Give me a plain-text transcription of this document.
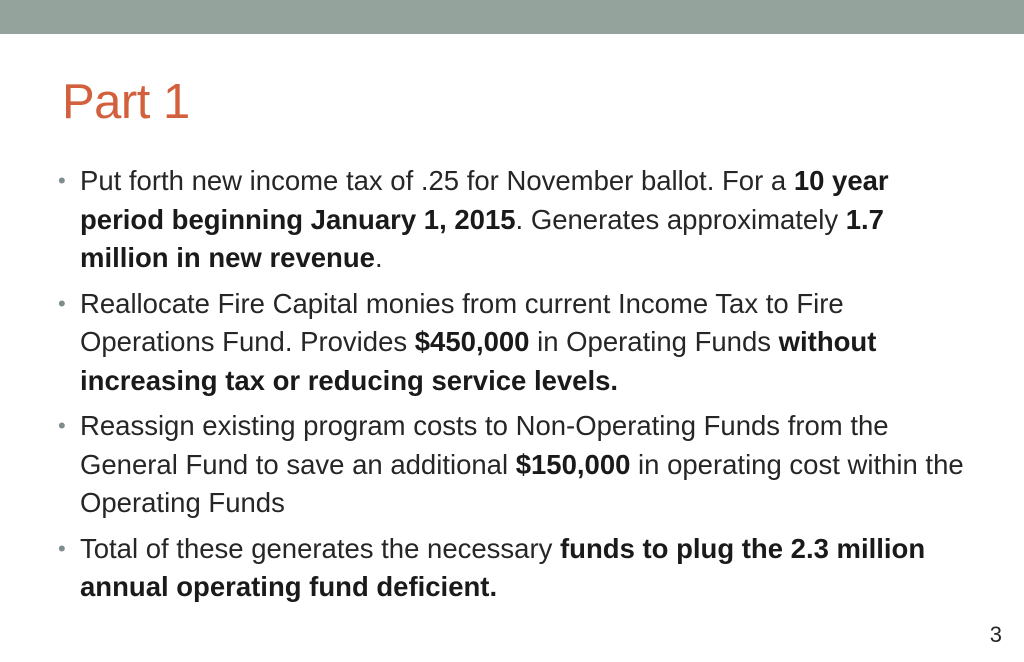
Part 1
• Put forth new income tax of .25 for November ballot. For a 10 year period beginning January 1, 2015. Generates approximately 1.7 million in new revenue.
• Reallocate Fire Capital monies from current Income Tax to Fire Operations Fund. Provides $450,000 in Operating Funds without increasing tax or reducing service levels.
• Reassign existing program costs to Non-Operating Funds from the General Fund to save an additional $150,000 in operating cost within the Operating Funds
• Total of these generates the necessary funds to plug the 2.3 million annual operating fund deficient.
3
